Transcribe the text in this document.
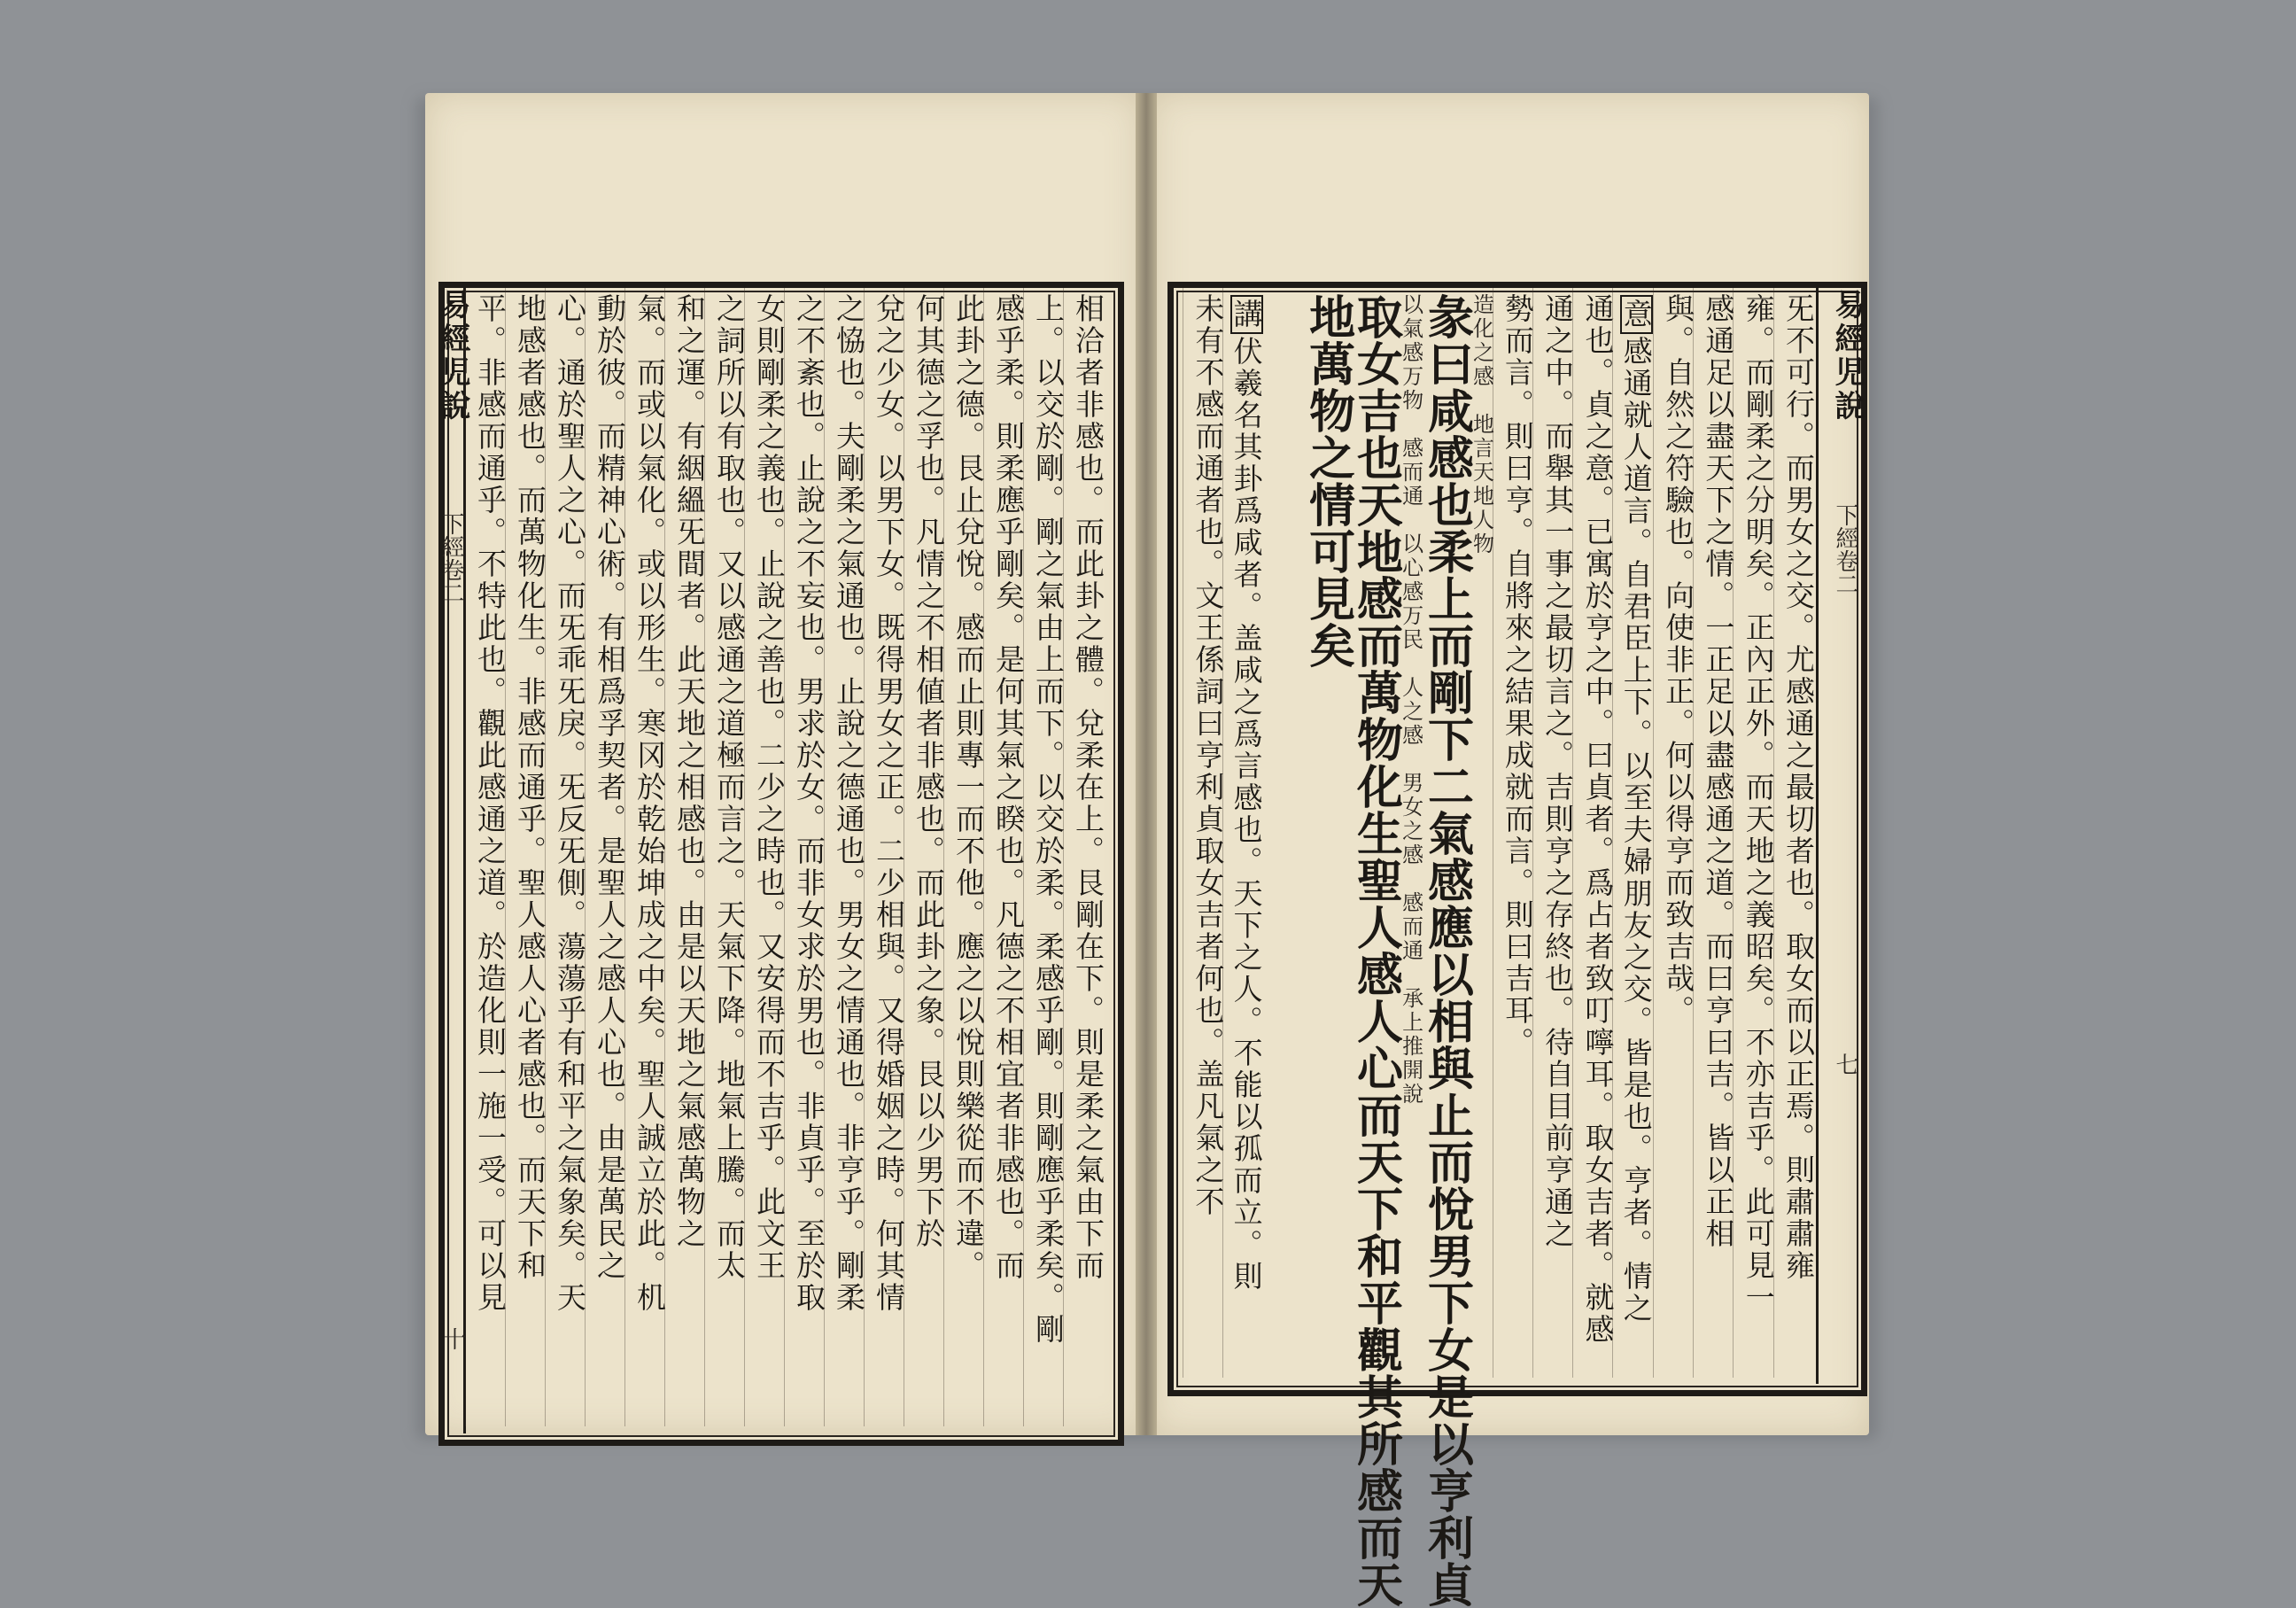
易經児說
下經卷二
十
易經児說
下經卷二
七
旡不可行。而男女之交。尤感通之最切者也。取女而以正焉。則肅肅雍
雍。而剛柔之分明矣。正內正外。而天地之義昭矣。不亦吉乎。此可見一
感通足以盡天下之情。一正足以盡感通之道。而曰亨曰吉。皆以正相
與。自然之符驗也。向使非正。何以得亨而致吉哉。
意感通就人道言。自君臣上下。以至夫婦朋友之交。皆是也。亨者。情之
通也。貞之意。已寓於亨之中。曰貞者。爲占者致叮嚀耳。取女吉者。就感
通之中。而舉其一事之最切言之。吉則亨之存終也。待自目前亨通之
勢而言。則曰亨。自將來之結果成就而言。則曰吉耳。
造化之感　地言天地人物
彖曰咸感也柔上而剛下二氣感應以相與止而悅男下女是以亨利貞
以氣感万物　感而通　以心感万民　人之感　男女之感　感而通　承上推開說
取女吉也天地感而萬物化生聖人感人心而天下和平觀其所感而天
地萬物之情可見矣
講伏羲名其卦爲咸者。盖咸之爲言感也。天下之人。不能以孤而立。則
未有不感而通者也。文王係詞曰亨利貞取女吉者何也。盖凡氣之不
相洽者非感也。而此卦之體。兌柔在上。艮剛在下。則是柔之氣由下而
上。以交於剛。剛之氣由上而下。以交於柔。柔感乎剛。則剛應乎柔矣。剛
感乎柔。則柔應乎剛矣。是何其氣之睽也。凡德之不相宜者非感也。而
此卦之德。艮止兌悅。感而止則專一而不他。應之以悅則樂從而不違。
何其德之孚也。凡情之不相値者非感也。而此卦之象。艮以少男下於
兌之少女。以男下女。既得男女之正。二少相與。又得婚姻之時。何其情
之恊也。夫剛柔之氣通也。止說之德通也。男女之情通也。非亨乎。剛柔
之不紊也。止說之不妄也。男求於女。而非女求於男也。非貞乎。至於取
女則剛柔之義也。止說之善也。二少之時也。又安得而不吉乎。此文王
之詞所以有取也。又以感通之道極而言之。天氣下降。地氣上騰。而太
和之運。有絪縕旡間者。此天地之相感也。由是以天地之氣感萬物之
氣。而或以氣化。或以形生。寒冈於乾始坤成之中矣。聖人誠立於此。机
動於彼。而精神心術。有相爲孚契者。是聖人之感人心也。由是萬民之
心。通於聖人之心。而旡乖旡戾。旡反旡側。蕩蕩乎有和平之氣象矣。天
地感者感也。而萬物化生。非感而通乎。聖人感人心者感也。而天下和
平。非感而通乎。不特此也。觀此感通之道。於造化則一施一受。可以見
